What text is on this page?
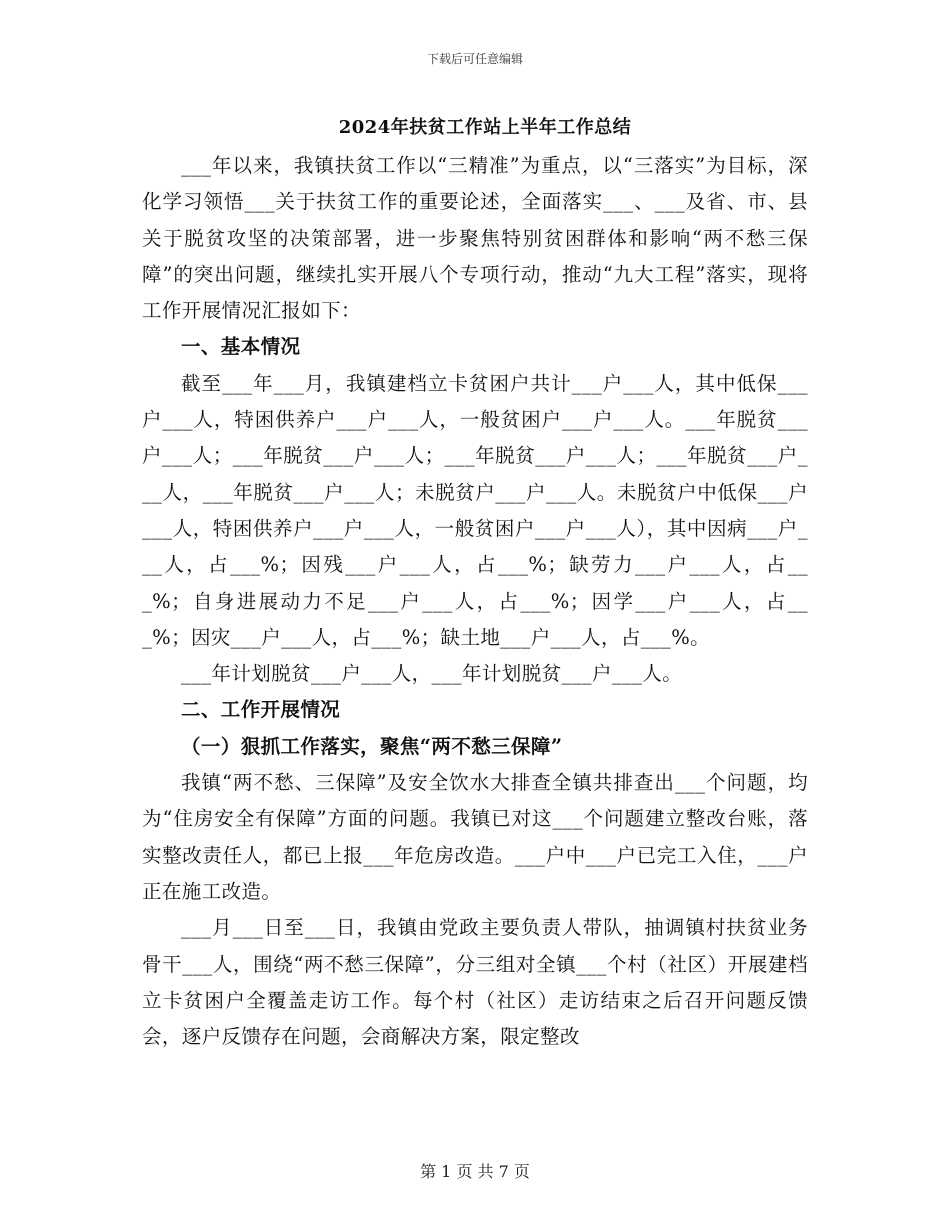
下载后可任意编辑
2024年扶贫工作站上半年工作总结

___年以来，我镇扶贫工作以“三精准”为重点，以“三落实”为目标，深化学习领悟___关于扶贫工作的重要论述，全面落实___、___及省、市、县关于脱贫攻坚的决策部署，进一步聚焦特别贫困群体和影响“两不愁三保障”的突出问题，继续扎实开展八个专项行动，推动“九大工程”落实，现将工作开展情况汇报如下：

一、基本情况

截至___年___月，我镇建档立卡贫困户共计___户___人，其中低保___户___人，特困供养户___户___人，一般贫困户___户___人。___年脱贫___户___人；___年脱贫___户___人；___年脱贫___户___人；___年脱贫___户___人，___年脱贫___户___人；未脱贫户___户___人。未脱贫户中低保___户___人，特困供养户___户___人，一般贫困户___户___人），其中因病___户___人，占___%；因残___户___人，占___%；缺劳力___户___人，占___%；自身进展动力不足___户___人，占___%；因学___户___人，占___%；因灾___户___人，占___%；缺土地___户___人，占___%。

___年计划脱贫___户___人，___年计划脱贫___户___人。

二、工作开展情况
（一）狠抓工作落实，聚焦“两不愁三保障”

我镇“两不愁、三保障”及安全饮水大排查全镇共排查出___个问题，均为“住房安全有保障”方面的问题。我镇已对这___个问题建立整改台账，落实整改责任人，都已上报___年危房改造。___户中___户已完工入住，___户正在施工改造。

___月___日至___日，我镇由党政主要负责人带队，抽调镇村扶贫业务骨干___人，围绕“两不愁三保障”，分三组对全镇___个村（社区）开展建档立卡贫困户全覆盖走访工作。每个村（社区）走访结束之后召开问题反馈会，逐户反馈存在问题，会商解决方案，限定整改

第 1 页 共 7 页
